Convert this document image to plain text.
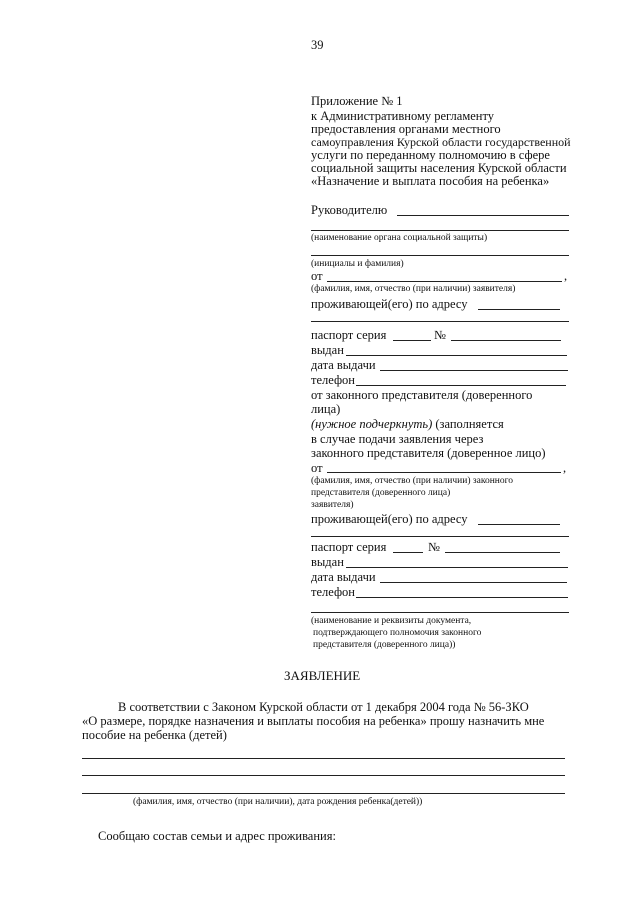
39
Приложение № 1
к Административному регламенту
предоставления органами местного
самоуправления Курской области государственной
услуги по переданному полномочию в сфере
социальной защиты населения Курской области
«Назначение и выплата пособия на ребенка»
Руководителю
(наименование органа социальной защиты)
(инициалы и фамилия)
от	,
(фамилия, имя, отчество (при наличии) заявителя)
проживающей(его) по адресу
паспорт серия	№
выдан
дата выдачи
телефон
от законного представителя (доверенного
лица)
(нужное подчеркнуть) (заполняется
в случае подачи заявления через
законного представителя (доверенное лицо)
от	,
(фамилия, имя, отчество (при наличии) законного
представителя (доверенного лица)
заявителя)
проживающей(его) по адресу
паспорт серия	№
выдан
дата выдачи
телефон
(наименование и реквизиты документа,
подтверждающего полномочия законного
представителя (доверенного лица))
ЗАЯВЛЕНИЕ
В соответствии с Законом Курской области от 1 декабря 2004 года № 56-ЗКО
«О размере, порядке назначения и выплаты пособия на ребенка» прошу назначить мне
пособие на ребенка (детей)
(фамилия, имя, отчество (при наличии), дата рождения ребенка(детей))
Сообщаю состав семьи и адрес проживания:
